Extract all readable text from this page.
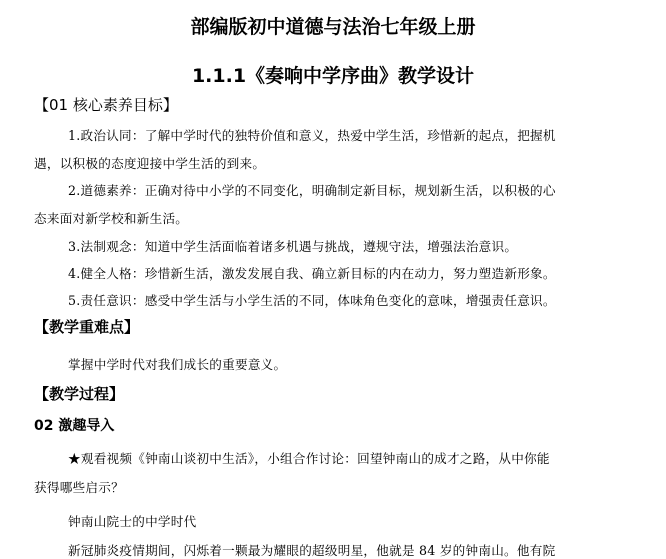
部编版初中道德与法治七年级上册
1.1.1《奏响中学序曲》教学设计
【01 核心素养目标】
1.政治认同：了解中学时代的独特价值和意义，热爱中学生活，珍惜新的起点，把握机
遇，以积极的态度迎接中学生活的到来。
2.道德素养：正确对待中小学的不同变化，明确制定新目标，规划新生活，以积极的心
态来面对新学校和新生活。
3.法制观念：知道中学生活面临着诸多机遇与挑战，遵规守法，增强法治意识。
4.健全人格：珍惜新生活，激发发展自我、确立新目标的内在动力，努力塑造新形象。
5.责任意识：感受中学生活与小学生活的不同，体味角色变化的意味，增强责任意识。
【教学重难点】
掌握中学时代对我们成长的重要意义。
【教学过程】
02 激趣导入
★观看视频《钟南山谈初中生活》，小组合作讨论：回望钟南山的成才之路，从中你能
获得哪些启示？
钟南山院士的中学时代
新冠肺炎疫情期间，闪烁着一颗最为耀眼的超级明星，他就是 84 岁的钟南山。他有院
